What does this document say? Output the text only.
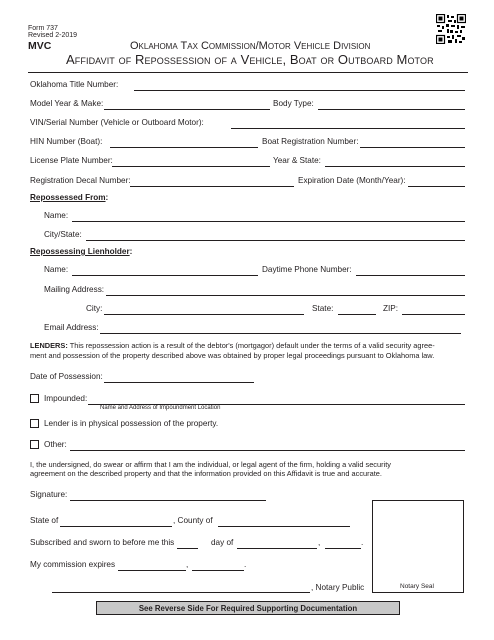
Form 737
Revised 2-2019
MVC	Oklahoma Tax Commission/Motor Vehicle Division
Affidavit of Repossession of a Vehicle, Boat or Outboard Motor
Oklahoma Title Number:
Model Year & Make:	Body Type:
VIN/Serial Number (Vehicle or Outboard Motor):
HIN Number (Boat):	Boat Registration Number:
License Plate Number:	Year & State:
Registration Decal Number:	Expiration Date (Month/Year):
Repossessed From:
Name:
City/State:
Repossessing Lienholder:
Name:	Daytime Phone Number:
Mailing Address:
City:	State:	ZIP:
Email Address:
LENDERS: This repossession action is a result of the debtor's (mortgagor) default under the terms of a valid security agree-
ment and possession of the property described above was obtained by proper legal proceedings pursuant to Oklahoma law.
Date of Possession:
Impounded:
Name and Address of Impoundment Location
Lender is in physical possession of the property.
Other:
I, the undersigned, do swear or affirm that I am the individual, or legal agent of the firm, holding a valid security
agreement on the described property and that the information provided on this Affidavit is true and accurate.
Signature:
State of	, County of
Subscribed and sworn to before me this	day of	,	.
My commission expires	,	.
, Notary Public	Notary Seal
See Reverse Side For Required Supporting Documentation
